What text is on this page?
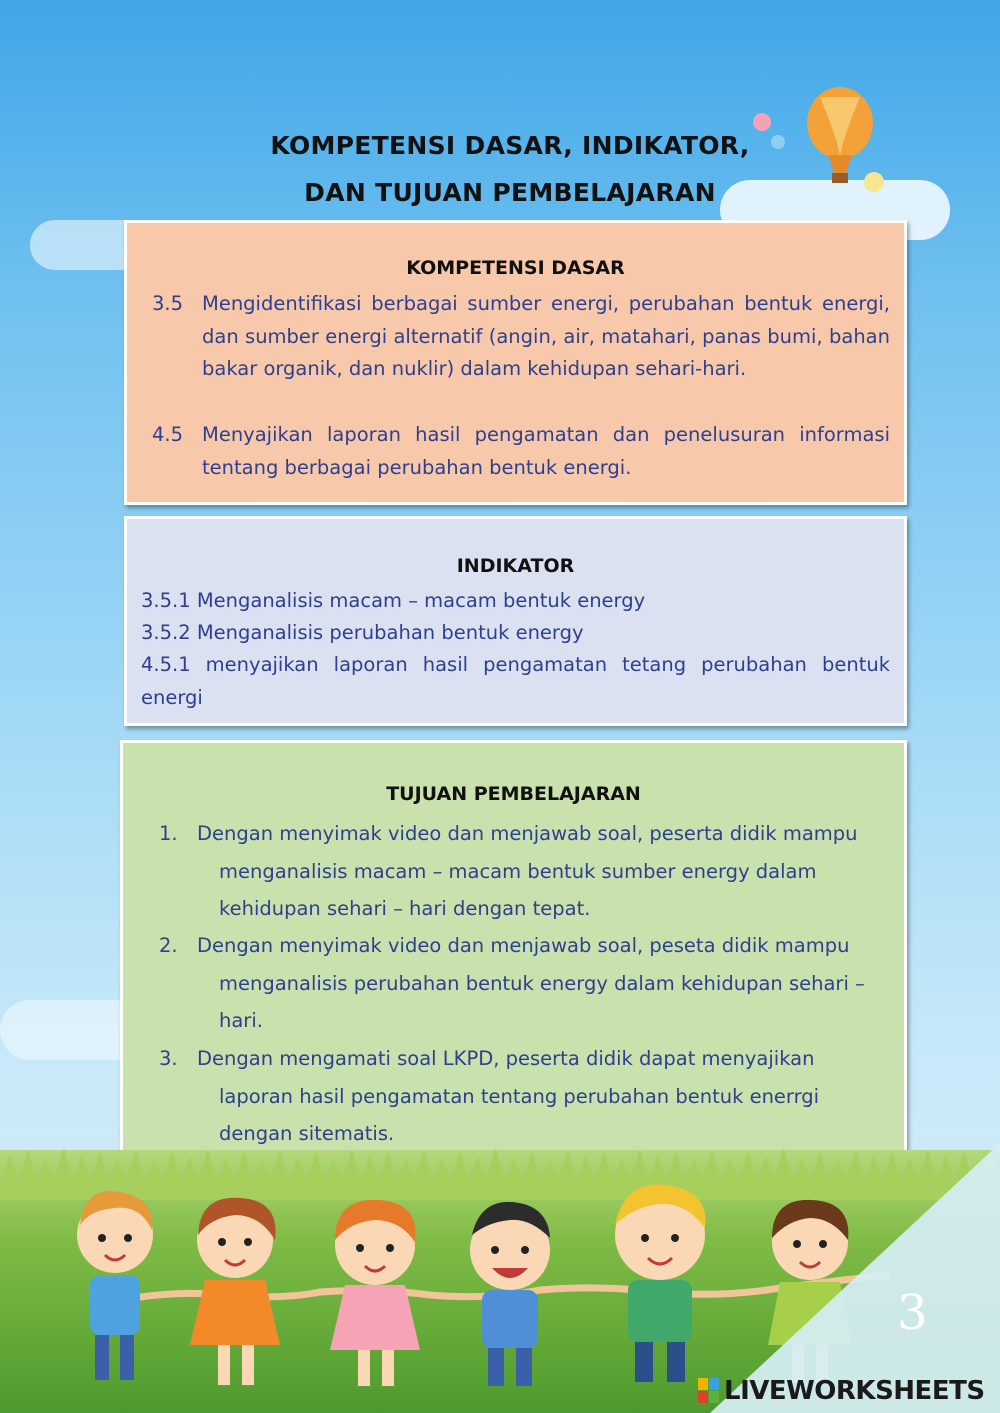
KOMPETENSI DASAR, INDIKATOR,
DAN TUJUAN PEMBELAJARAN
KOMPETENSI DASAR
3.5 Mengidentifikasi berbagai sumber energi, perubahan bentuk energi, dan sumber energi alternatif (angin, air, matahari, panas bumi, bahan bakar organik, dan nuklir) dalam kehidupan sehari-hari.
4.5 Menyajikan laporan hasil pengamatan dan penelusuran informasi tentang berbagai perubahan bentuk energi.
INDIKATOR
3.5.1 Menganalisis macam – macam bentuk energy
3.5.2 Menganalisis perubahan bentuk energy
4.5.1 menyajikan laporan hasil pengamatan tetang perubahan bentuk energi
TUJUAN PEMBELAJARAN
1. Dengan menyimak video dan menjawab soal, peserta didik mampu menganalisis macam – macam bentuk sumber energy dalam kehidupan sehari – hari dengan tepat.
2. Dengan menyimak video dan menjawab soal, peseta didik mampu menganalisis perubahan bentuk energy dalam kehidupan sehari – hari.
3. Dengan mengamati soal LKPD, peserta didik dapat menyajikan laporan hasil pengamatan tentang perubahan bentuk enerrgi dengan sitematis.
3
LIVEWORKSHEETS
